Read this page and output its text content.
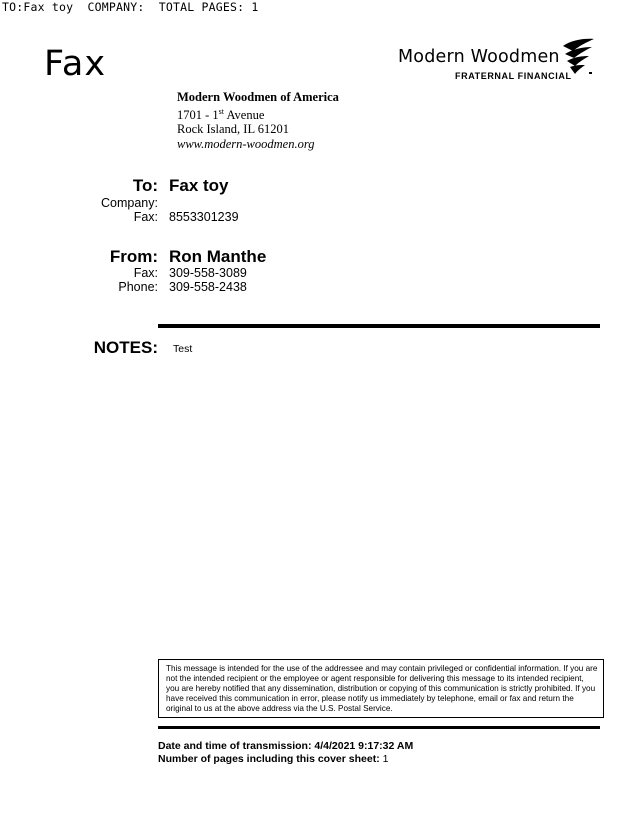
TO:Fax toy COMPANY: TOTAL PAGES: 1
Fax	Modern Woodmen
FRATERNAL FINANCIAL
Modern Woodmen of America
1701 - 1st Avenue
Rock Island, IL 61201
www.modern-woodmen.org
To: Fax toy
Company:
Fax: 8553301239
From: Ron Manthe
Fax: 309-558-3089
Phone: 309-558-2438
NOTES: Test
This message is intended for the use of the addressee and may contain privileged or confidential information. If you are not the intended recipient or the employee or agent responsible for delivering this message to its intended recipient, you are hereby notified that any dissemination, distribution or copying of this communication is strictly prohibited. If you have received this communication in error, please notify us immediately by telephone, email or fax and return the original to us at the above address via the U.S. Postal Service.
Date and time of transmission: 4/4/2021 9:17:32 AM
Number of pages including this cover sheet: 1
